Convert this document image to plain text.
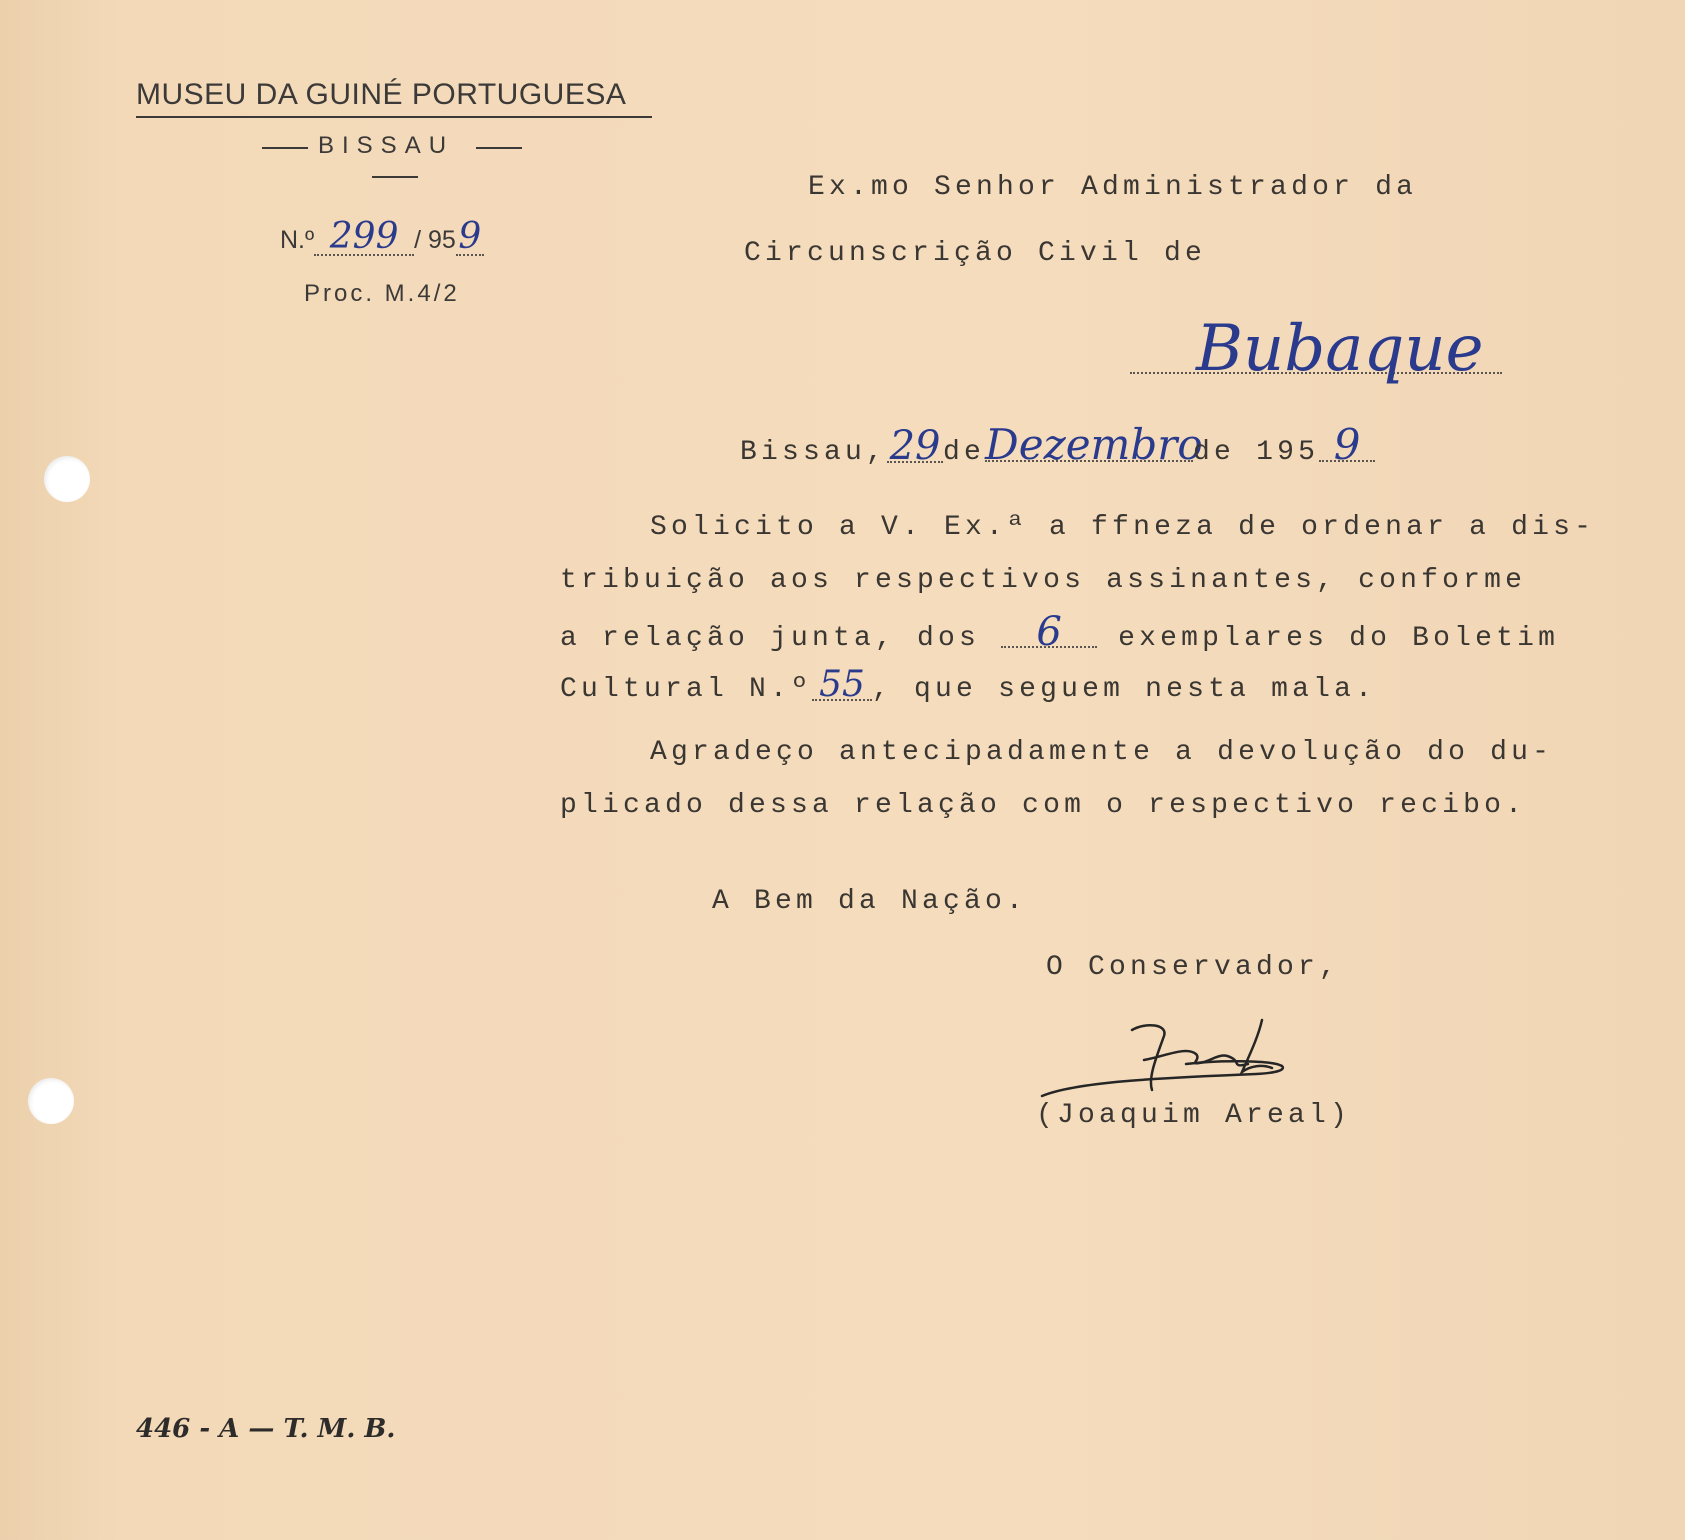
MUSEU DA GUINÉ PORTUGUESA
BISSAU
N.º 299 / 959
Proc. M.4/2
Ex.mo Senhor Administrador da
Circunscrição Civil de
Bubaque
Bissau,29deDezembrode 195 9
Solicito a V. Ex.ª a ffneza de ordenar a dis-
tribuição aos respectivos assinantes, conforme
a relação junta, dos 6 exemplares do Boletim
Cultural N.º 55 , que seguem nesta mala.
Agradeço antecipadamente a devolução do du-
plicado dessa relação com o respectivo recibo.
A Bem da Nação.
O Conservador,
(Joaquim Areal)
446 - A — T. M. B.
